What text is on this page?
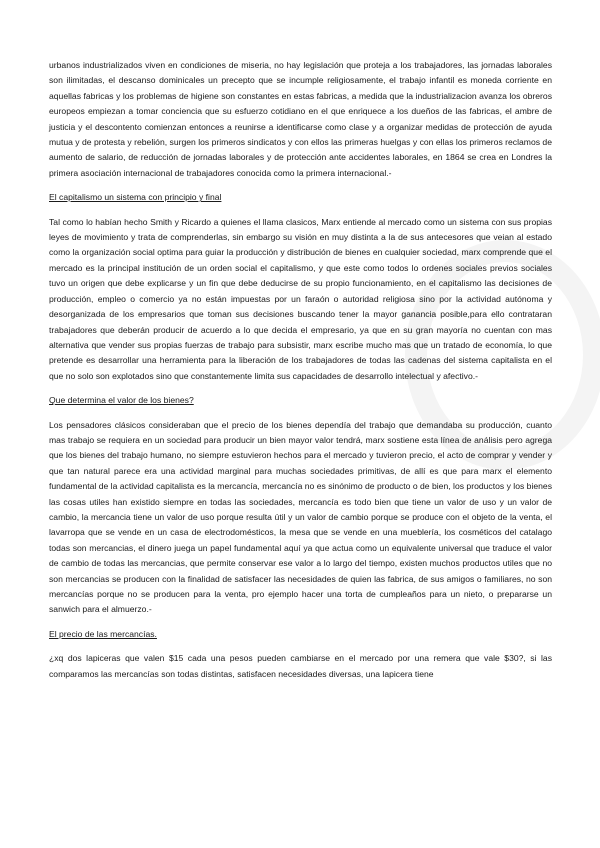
urbanos industrializados viven en condiciones de miseria, no hay legislación que proteja a los trabajadores, las jornadas laborales son ilimitadas, el descanso dominicales un precepto que se incumple religiosamente, el trabajo infantil es moneda corriente en aquellas fabricas y los problemas de higiene son constantes en estas fabricas, a medida que la industrializacion avanza los obreros europeos empiezan a tomar conciencia que su esfuerzo cotidiano en el que enriquece a los dueños de las fabricas, el ambre de justicia y el descontento comienzan entonces a reunirse a identificarse como clase y a organizar medidas de protección de ayuda mutua y de protesta y rebelión, surgen los primeros sindicatos y con ellos las primeras huelgas y con ellas los primeros reclamos de aumento de salario, de reducción de jornadas laborales y de protección ante accidentes laborales, en 1864 se crea en Londres la primera asociación internacional de trabajadores conocida como la primera internacional.-

El capitalismo un sistema con principio y final

Tal como lo habían hecho Smith y Ricardo a quienes el llama clasicos, Marx entiende al mercado como un sistema con sus propias leyes de movimiento y trata de comprenderlas, sin embargo su visión en muy distinta a la de sus antecesores que veian al estado como la organización social optima para guiar la producción y distribución de bienes en cualquier sociedad, marx comprende que el mercado es la principal institución de un orden social el capitalismo, y que este como todos lo ordenes sociales previos sociales tuvo un origen que debe explicarse y un fin que debe deducirse de su propio funcionamiento, en el capitalismo las decisiones de producción, empleo o comercio ya no están impuestas por un faraón o autoridad religiosa sino por la actividad autónoma y desorganizada de los empresarios que toman sus decisiones buscando tener la mayor ganancia posible,para ello contrataran trabajadores que deberán producir de acuerdo a lo que decida el empresario, ya que en su gran mayoría no cuentan con mas alternativa que vender sus propias fuerzas de trabajo para subsistir, marx escribe mucho mas que un tratado de economía, lo que pretende es desarrollar una herramienta para la liberación de los trabajadores de todas las cadenas del sistema capitalista en el que no solo son explotados sino que constantemente limita sus capacidades de desarrollo intelectual y afectivo.-

Que determina el valor de los bienes?

Los pensadores clásicos consideraban que el precio de los bienes dependía del trabajo que demandaba su producción, cuanto mas trabajo se requiera en un sociedad para producir un bien mayor valor tendrá, marx sostiene esta línea de análisis pero agrega que los bienes del trabajo humano, no siempre estuvieron hechos para el mercado y tuvieron precio, el acto de comprar y vender y que tan natural parece era una actividad marginal para muchas sociedades primitivas, de allí es que para marx el elemento fundamental de la actividad capitalista es la mercancía, mercancía no es sinónimo de producto o de bien, los productos y los bienes las cosas utiles han existido siempre en todas las sociedades, mercancía es todo bien que tiene un valor de uso y un valor de cambio, la mercancia tiene un valor de uso porque resulta útil y un valor de cambio porque se produce con el objeto de la venta, el lavarropa que se vende en un casa de electrodomésticos, la mesa que se vende en una mueblería, los cosméticos del catalago todas son mercancias, el dinero juega un papel fundamental aquí ya que actua como un equivalente universal que traduce el valor de cambio de todas las mercancias, que permite conservar ese valor a lo largo del tiempo, existen muchos productos utiles que no son mercancias se producen con la finalidad de satisfacer las necesidades de quien las fabrica, de sus amigos o familiares, no son mercancías porque no se producen para la venta, pro ejemplo hacer una torta de cumpleaños para un nieto, o prepararse un sanwich para el almuerzo.-

El precio de las mercancías.

¿xq dos lapiceras que valen $15 cada una pesos pueden cambiarse en el mercado por una remera que vale $30?, si las comparamos las mercancías son todas distintas, satisfacen necesidades diversas, una lapicera tiene
